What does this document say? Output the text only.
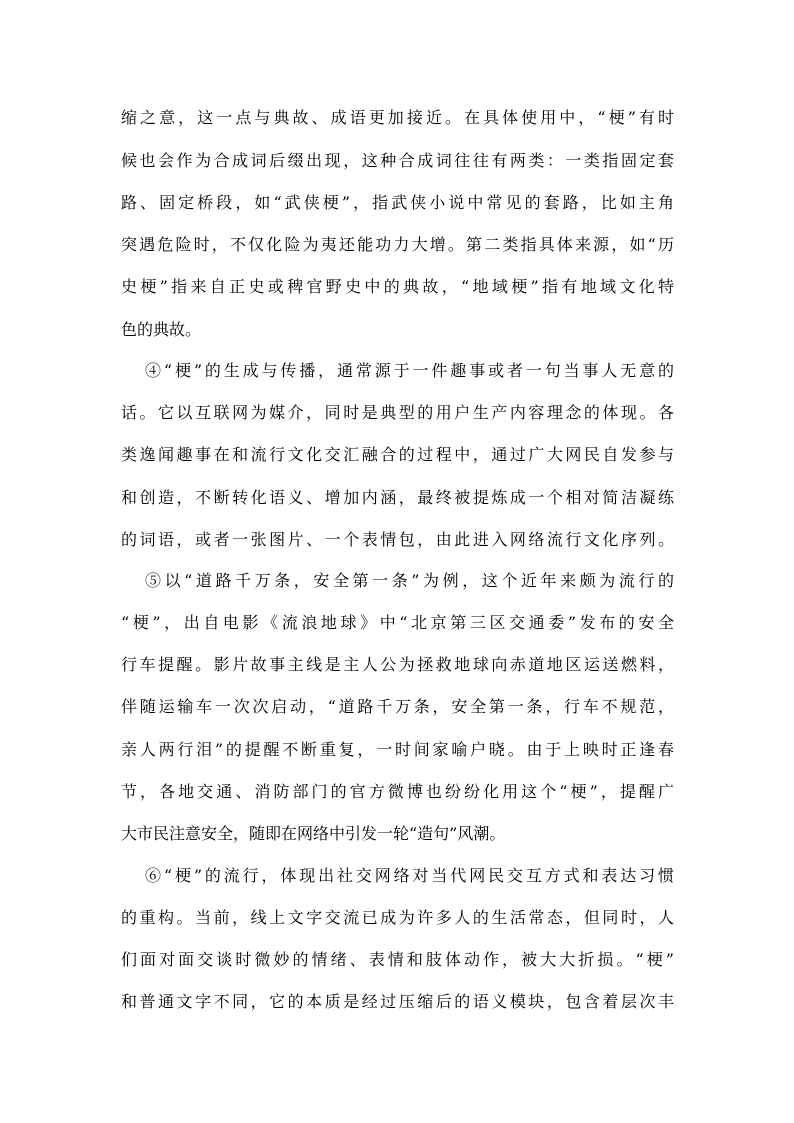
缩之意，这一点与典故、成语更加接近。在具体使用中，“梗”有时
候也会作为合成词后缀出现，这种合成词往往有两类：一类指固定套
路、固定桥段，如“武侠梗”，指武侠小说中常见的套路，比如主角
突遇危险时，不仅化险为夷还能功力大增。第二类指具体来源，如“历
史梗”指来自正史或稗官野史中的典故，“地域梗”指有地域文化特
色的典故。
④“梗”的生成与传播，通常源于一件趣事或者一句当事人无意的
话。它以互联网为媒介，同时是典型的用户生产内容理念的体现。各
类逸闻趣事在和流行文化交汇融合的过程中，通过广大网民自发参与
和创造，不断转化语义、增加内涵，最终被提炼成一个相对简洁凝练
的词语，或者一张图片、一个表情包，由此进入网络流行文化序列。
⑤以“道路千万条，安全第一条”为例，这个近年来颇为流行的
“梗”，出自电影《流浪地球》中“北京第三区交通委”发布的安全
行车提醒。影片故事主线是主人公为拯救地球向赤道地区运送燃料，
伴随运输车一次次启动，“道路千万条，安全第一条，行车不规范，
亲人两行泪”的提醒不断重复，一时间家喻户晓。由于上映时正逢春
节，各地交通、消防部门的官方微博也纷纷化用这个“梗”，提醒广
大市民注意安全，随即在网络中引发一轮“造句”风潮。
⑥“梗”的流行，体现出社交网络对当代网民交互方式和表达习惯
的重构。当前，线上文字交流已成为许多人的生活常态，但同时，人
们面对面交谈时微妙的情绪、表情和肢体动作，被大大折损。“梗”
和普通文字不同，它的本质是经过压缩后的语义模块，包含着层次丰
